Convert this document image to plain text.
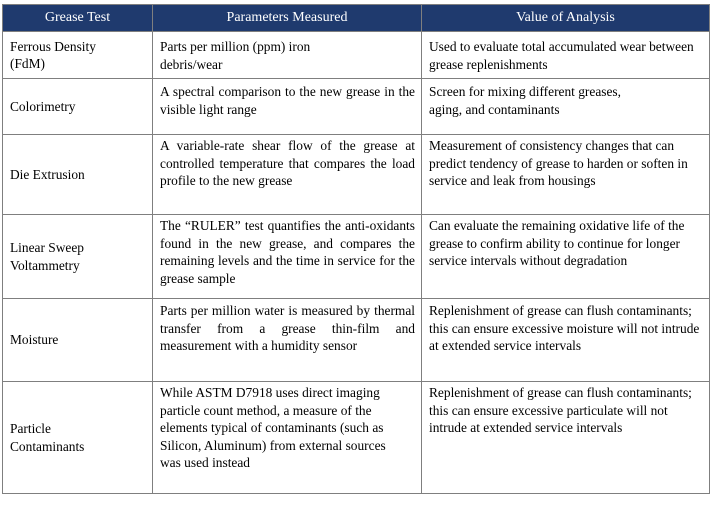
Grease Test	Parameters Measured	Value of Analysis

Ferrous Density (FdM)	Parts per million (ppm) iron debris/wear	Used to evaluate total accumulated wear between grease replenishments

Colorimetry	A spectral comparison to the new grease in the visible light range	Screen for mixing different greases, aging, and contaminants

Die Extrusion	A variable-rate shear flow of the grease at controlled temperature that compares the load profile to the new grease	Measurement of consistency changes that can predict tendency of grease to harden or soften in service and leak from housings

Linear Sweep Voltammetry	The “RULER” test quantifies the anti-oxidants found in the new grease, and compares the remaining levels and the time in service for the grease sample	Can evaluate the remaining oxidative life of the grease to confirm ability to continue for longer service intervals without degradation

Moisture	Parts per million water is measured by thermal transfer from a grease thin-film and measurement with a humidity sensor	Replenishment of grease can flush contaminants; this can ensure excessive moisture will not intrude at extended service intervals

Particle Contaminants	While ASTM D7918 uses direct imaging particle count method, a measure of the elements typical of contaminants (such as Silicon, Aluminum) from external sources was used instead	Replenishment of grease can flush contaminants; this can ensure excessive particulate will not intrude at extended service intervals
